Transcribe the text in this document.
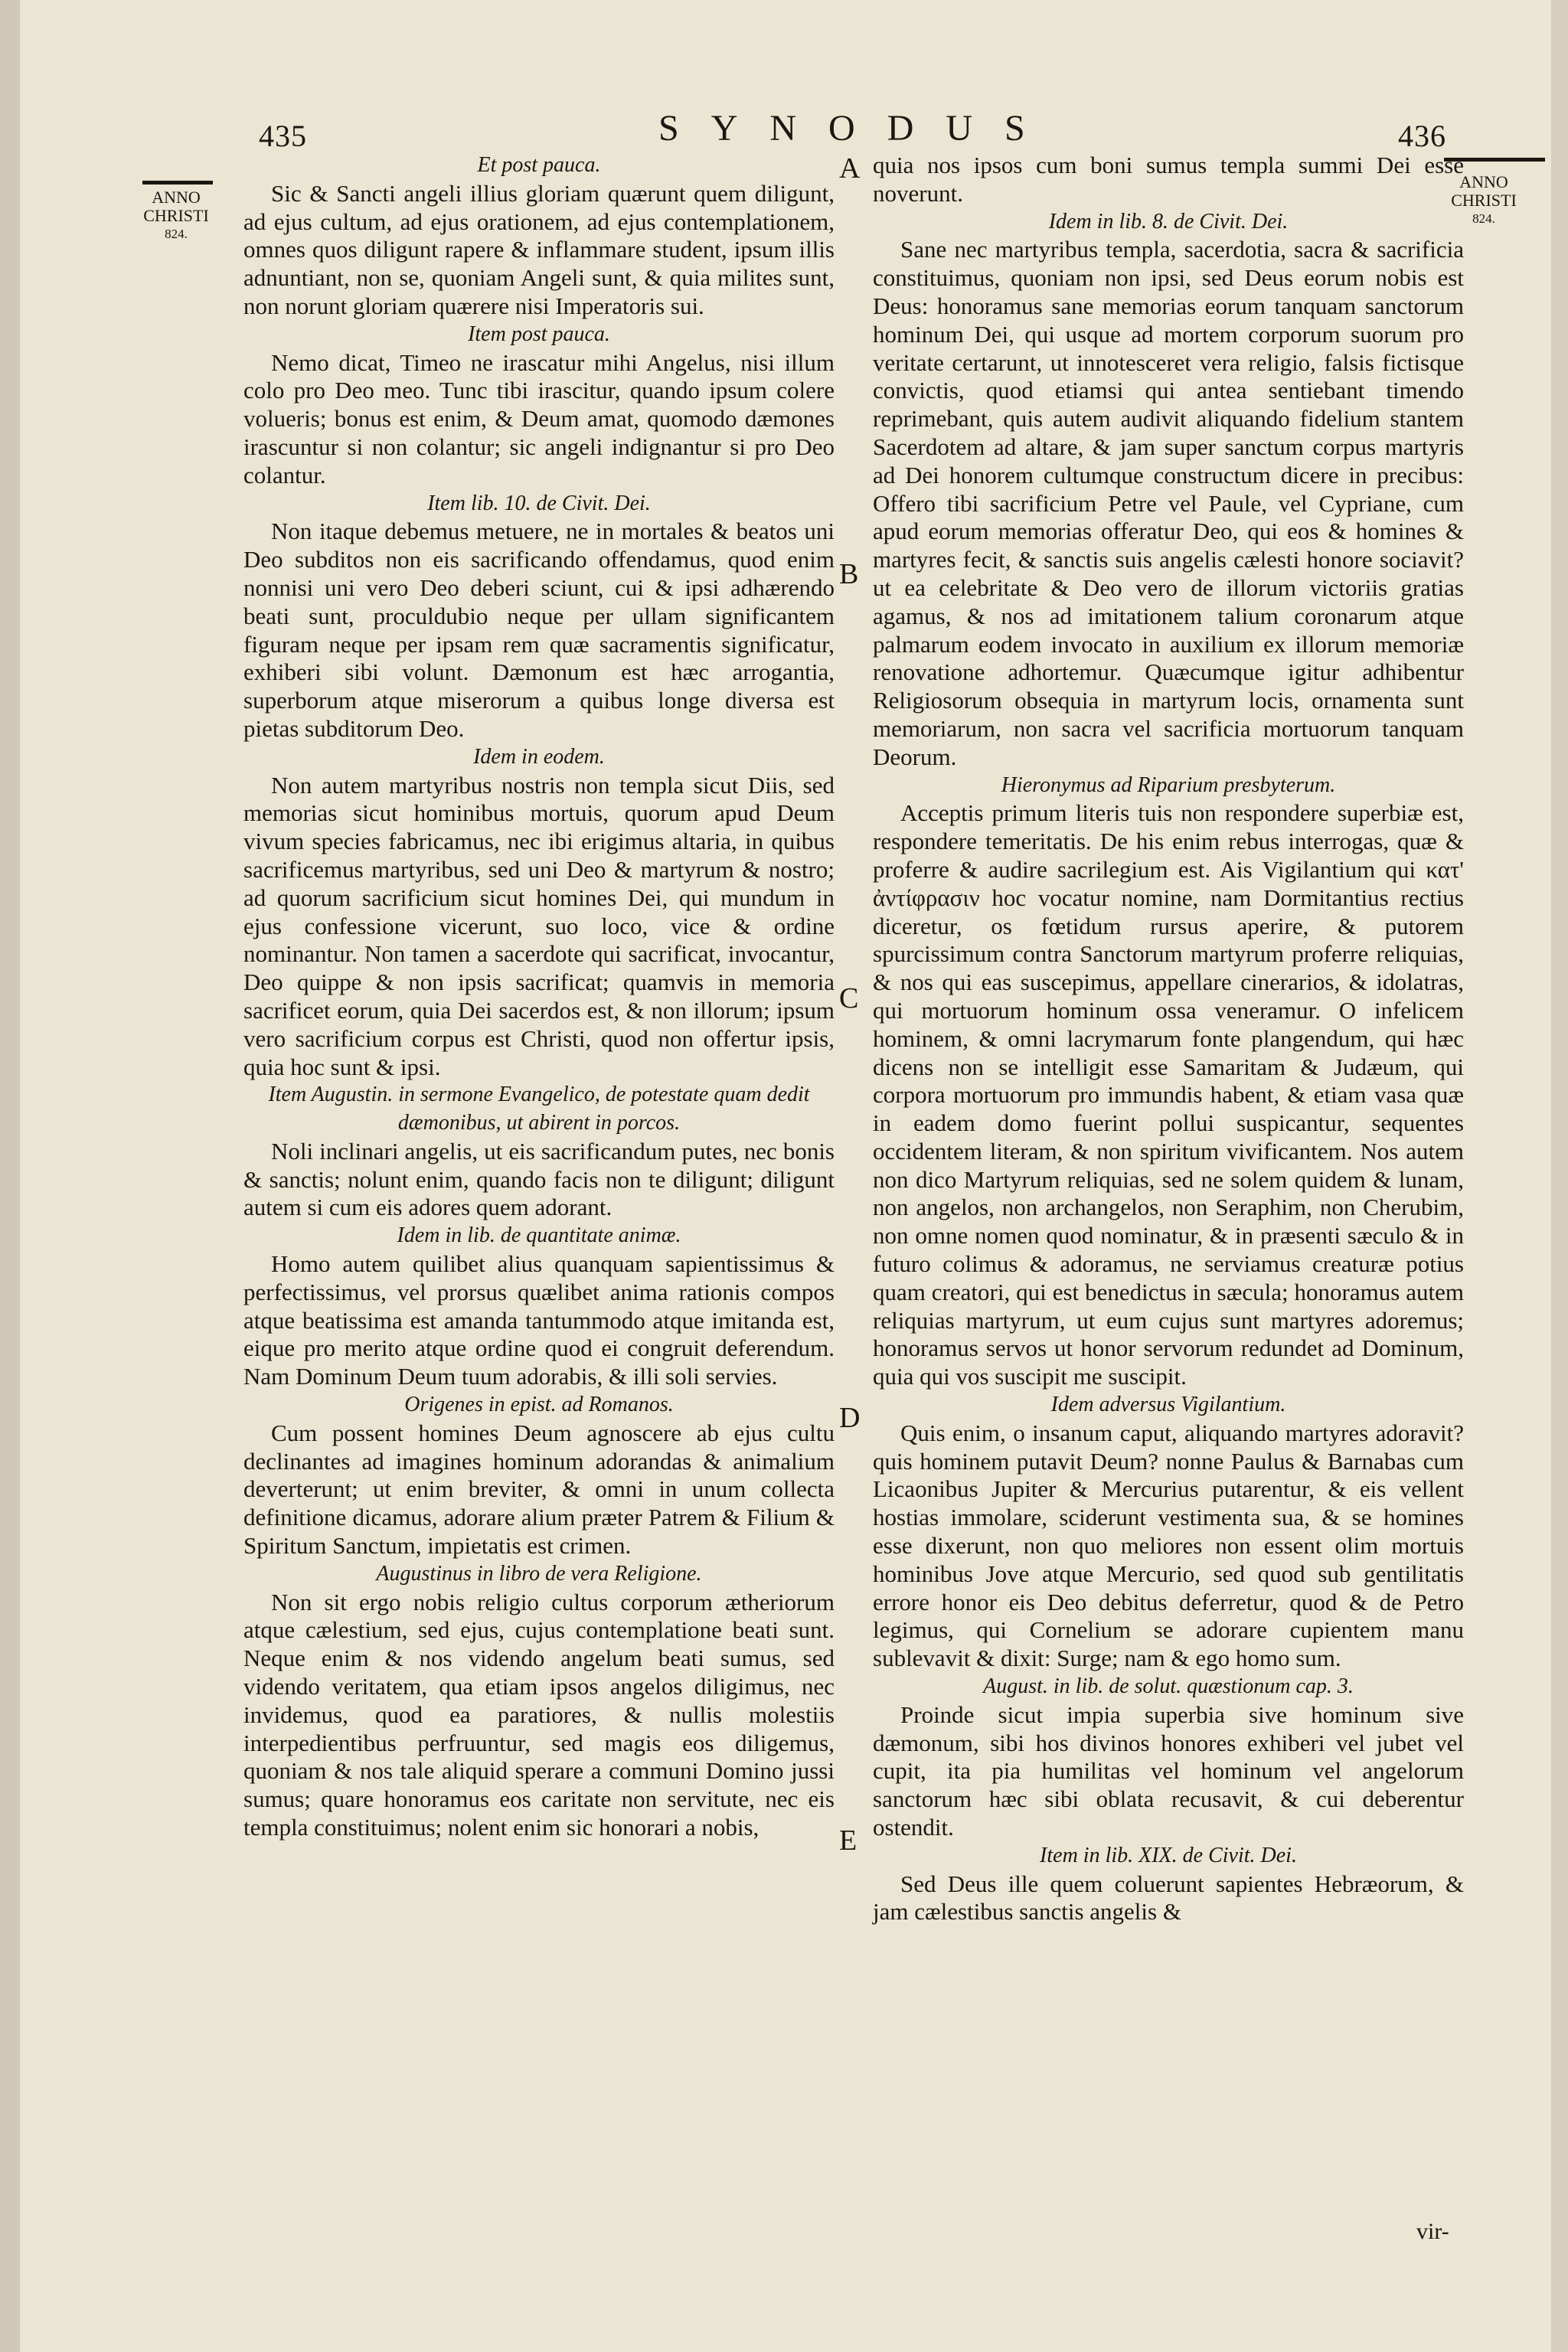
435	SYNODUS	436
ANNO CHRISTI
824.
ANNO CHRISTI
824.

Et post pauca.

Sic & Sancti angeli illius gloriam quærunt quem diligunt, ad ejus cultum, ad ejus orationem, ad ejus contemplationem, omnes quos diligunt rapere & inflammare student, ipsum illis adnuntiant, non se, quoniam Angeli sunt, & quia milites sunt, non norunt gloriam quærere nisi Imperatoris sui.

Item post pauca.

Nemo dicat, Timeo ne irascatur mihi Angelus, nisi illum colo pro Deo meo. Tunc tibi irascitur, quando ipsum colere volueris; bonus est enim, & Deum amat, quomodo dæmones irascuntur si non colantur; sic angeli indignantur si pro Deo colantur.

Item lib. 10. de Civit. Dei.

Non itaque debemus metuere, ne in mortales & beatos uni Deo subditos non eis sacrificando offendamus, quod enim nonnisi uni vero Deo deberi sciunt, cui & ipsi adhærendo beati sunt, proculdubio neque per ullam significantem figuram neque per ipsam rem quæ sacramentis significatur, exhiberi sibi volunt. Dæmonum est hæc arrogantia, superborum atque miserorum a quibus longe diversa est pietas subditorum Deo.

Idem in eodem.

Non autem martyribus nostris non templa sicut Diis, sed memorias sicut hominibus mortuis, quorum apud Deum vivum species fabricamus, nec ibi erigimus altaria, in quibus sacrificemus martyribus, sed uni Deo & martyrum & nostro; ad quorum sacrificium sicut homines Dei, qui mundum in ejus confessione vicerunt, suo loco, vice & ordine nominantur. Non tamen a sacerdote qui sacrificat, invocantur, Deo quippe & non ipsis sacrificat; quamvis in memoria sacrificet eorum, quia Dei sacerdos est, & non illorum; ipsum vero sacrificium corpus est Christi, quod non offertur ipsis, quia hoc sunt & ipsi.

Item Augustin. in sermone Evangelico, de potestate quam dedit dæmonibus, ut abirent in porcos.

Noli inclinari angelis, ut eis sacrificandum putes, nec bonis & sanctis; nolunt enim, quando facis non te diligunt; diligunt autem si cum eis adores quem adorant.

Idem in lib. de quantitate animæ.

Homo autem quilibet alius quanquam sapientissimus & perfectissimus, vel prorsus quælibet anima rationis compos atque beatissima est amanda tantummodo atque imitanda est, eique pro merito atque ordine quod ei congruit deferendum. Nam Dominum Deum tuum adorabis, & illi soli servies.

Origenes in epist. ad Romanos.

Cum possent homines Deum agnoscere ab ejus cultu declinantes ad imagines hominum adorandas & animalium deverterunt; ut enim breviter, & omni in unum collecta definitione dicamus, adorare alium præter Patrem & Filium & Spiritum Sanctum, impietatis est crimen.

Augustinus in libro de vera Religione.

Non sit ergo nobis religio cultus corporum ætheriorum atque cælestium, sed ejus, cujus contemplatione beati sunt. Neque enim & nos videndo angelum beati sumus, sed videndo veritatem, qua etiam ipsos angelos diligimus, nec invidemus, quod ea paratiores, & nullis molestiis interpedientibus perfruuntur, sed magis eos diligemus, quoniam & nos tale aliquid sperare a communi Domino jussi sumus; quare honoramus eos caritate non servitute, nec eis templa constituimus; nolent enim sic honorari a nobis,

quia nos ipsos cum boni sumus templa summi Dei esse noverunt.

Idem in lib. 8. de Civit. Dei.

Sane nec martyribus templa, sacerdotia, sacra & sacrificia constituimus, quoniam non ipsi, sed Deus eorum nobis est Deus: honoramus sane memorias eorum tanquam sanctorum hominum Dei, qui usque ad mortem corporum suorum pro veritate certarunt, ut innotesceret vera religio, falsis fictisque convictis, quod etiamsi qui antea sentiebant timendo reprimebant, quis autem audivit aliquando fidelium stantem Sacerdotem ad altare, & jam super sanctum corpus martyris ad Dei honorem cultumque constructum dicere in precibus: Offero tibi sacrificium Petre vel Paule, vel Cypriane, cum apud eorum memorias offeratur Deo, qui eos & homines & martyres fecit, & sanctis suis angelis cælesti honore sociavit? ut ea celebritate & Deo vero de illorum victoriis gratias agamus, & nos ad imitationem talium coronarum atque palmarum eodem invocato in auxilium ex illorum memoriæ renovatione adhortemur. Quæcumque igitur adhibentur Religiosorum obsequia in martyrum locis, ornamenta sunt memoriarum, non sacra vel sacrificia mortuorum tanquam Deorum.

Hieronymus ad Riparium presbyterum.

Acceptis primum literis tuis non respondere superbiæ est, respondere temeritatis. De his enim rebus interrogas, quæ & proferre & audire sacrilegium est. Ais Vigilantium qui κατ' ἀντίφρασιν hoc vocatur nomine, nam Dormitantius rectius diceretur, os fœtidum rursus aperire, & putorem spurcissimum contra Sanctorum martyrum proferre reliquias, & nos qui eas suscepimus, appellare cinerarios, & idolatras, qui mortuorum hominum ossa veneramur. O infelicem hominem, & omni lacrymarum fonte plangendum, qui hæc dicens non se intelligit esse Samaritam & Judæum, qui corpora mortuorum pro immundis habent, & etiam vasa quæ in eadem domo fuerint pollui suspicantur, sequentes occidentem literam, & non spiritum vivificantem. Nos autem non dico Martyrum reliquias, sed ne solem quidem & lunam, non angelos, non archangelos, non Seraphim, non Cherubim, non omne nomen quod nominatur, & in præsenti sæculo & in futuro colimus & adoramus, ne serviamus creaturæ potius quam creatori, qui est benedictus in sæcula; honoramus autem reliquias martyrum, ut eum cujus sunt martyres adoremus; honoramus servos ut honor servorum redundet ad Dominum, quia qui vos suscipit me suscipit.

Idem adversus Vigilantium.

Quis enim, o insanum caput, aliquando martyres adoravit? quis hominem putavit Deum? nonne Paulus & Barnabas cum Licaonibus Jupiter & Mercurius putarentur, & eis vellent hostias immolare, sciderunt vestimenta sua, & se homines esse dixerunt, non quo meliores non essent olim mortuis hominibus Jove atque Mercurio, sed quod sub gentilitatis errore honor eis Deo debitus deferretur, quod & de Petro legimus, qui Cornelium se adorare cupientem manu sublevavit & dixit: Surge; nam & ego homo sum.

August. in lib. de solut. quæstionum cap. 3.

Proinde sicut impia superbia sive hominum sive dæmonum, sibi hos divinos honores exhiberi vel jubet vel cupit, ita pia humilitas vel hominum vel angelorum sanctorum hæc sibi oblata recusavit, & cui deberentur ostendit.

Item in lib. XIX. de Civit. Dei.

Sed Deus ille quem coluerunt sapientes Hebræorum, & jam cælestibus sanctis angelis &

A
B
C
D
E
vir-
